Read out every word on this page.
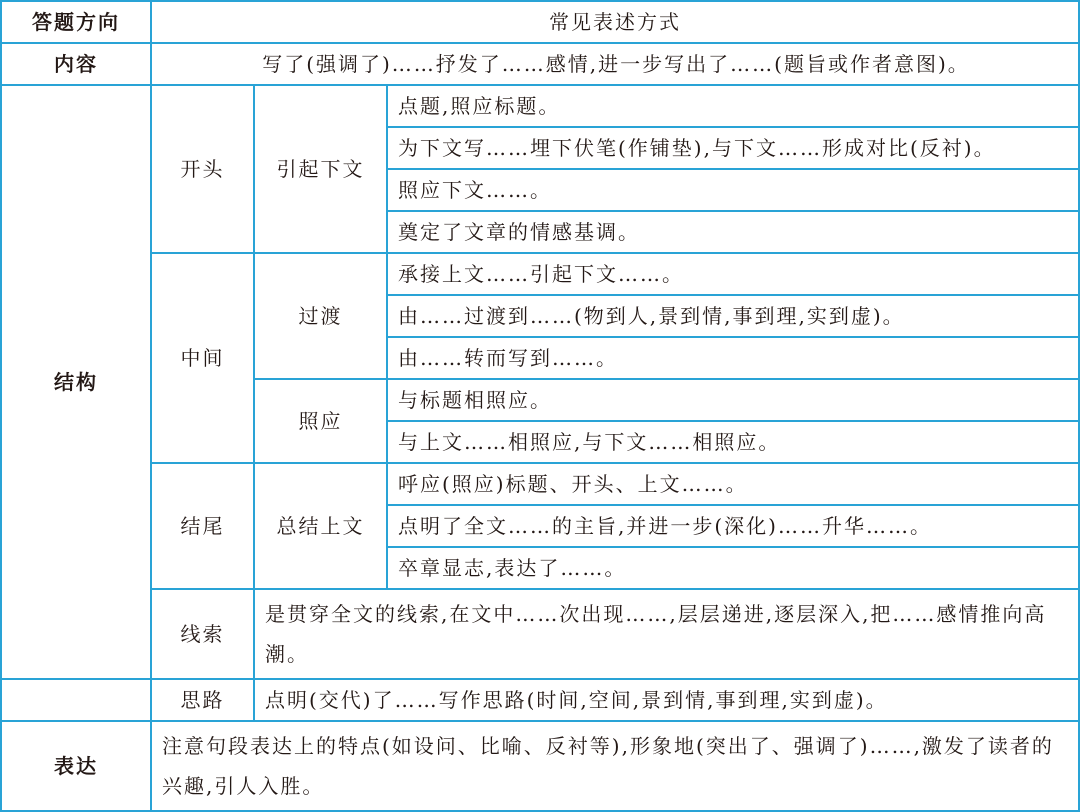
答题方向	常见表述方式		
内容	写了(强调了)……抒发了……感情,进一步写出了……(题旨或作者意图)。		
结构	开头	引起下文	点题,照应标题。
			为下文写……埋下伏笔(作铺垫),与下文……形成对比(反衬)。
			照应下文……。
			奠定了文章的情感基调。
	中间	过渡	承接上文……引起下文……。
			由……过渡到……(物到人,景到情,事到理,实到虚)。
			由……转而写到……。
		照应	与标题相照应。
			与上文……相照应,与下文……相照应。
	结尾	总结上文	呼应(照应)标题、开头、上文……。
			点明了全文……的主旨,并进一步(深化)……升华……。
			卒章显志,表达了……。
	线索	是贯穿全文的线索,在文中……次出现……,层层递进,逐层深入,把……感情推向高潮。	
	思路	点明(交代)了……写作思路(时间,空间,景到情,事到理,实到虚)。	
表达	注意句段表达上的特点(如设问、比喻、反衬等),形象地(突出了、强调了)……,激发了读者的兴趣,引人入胜。		
